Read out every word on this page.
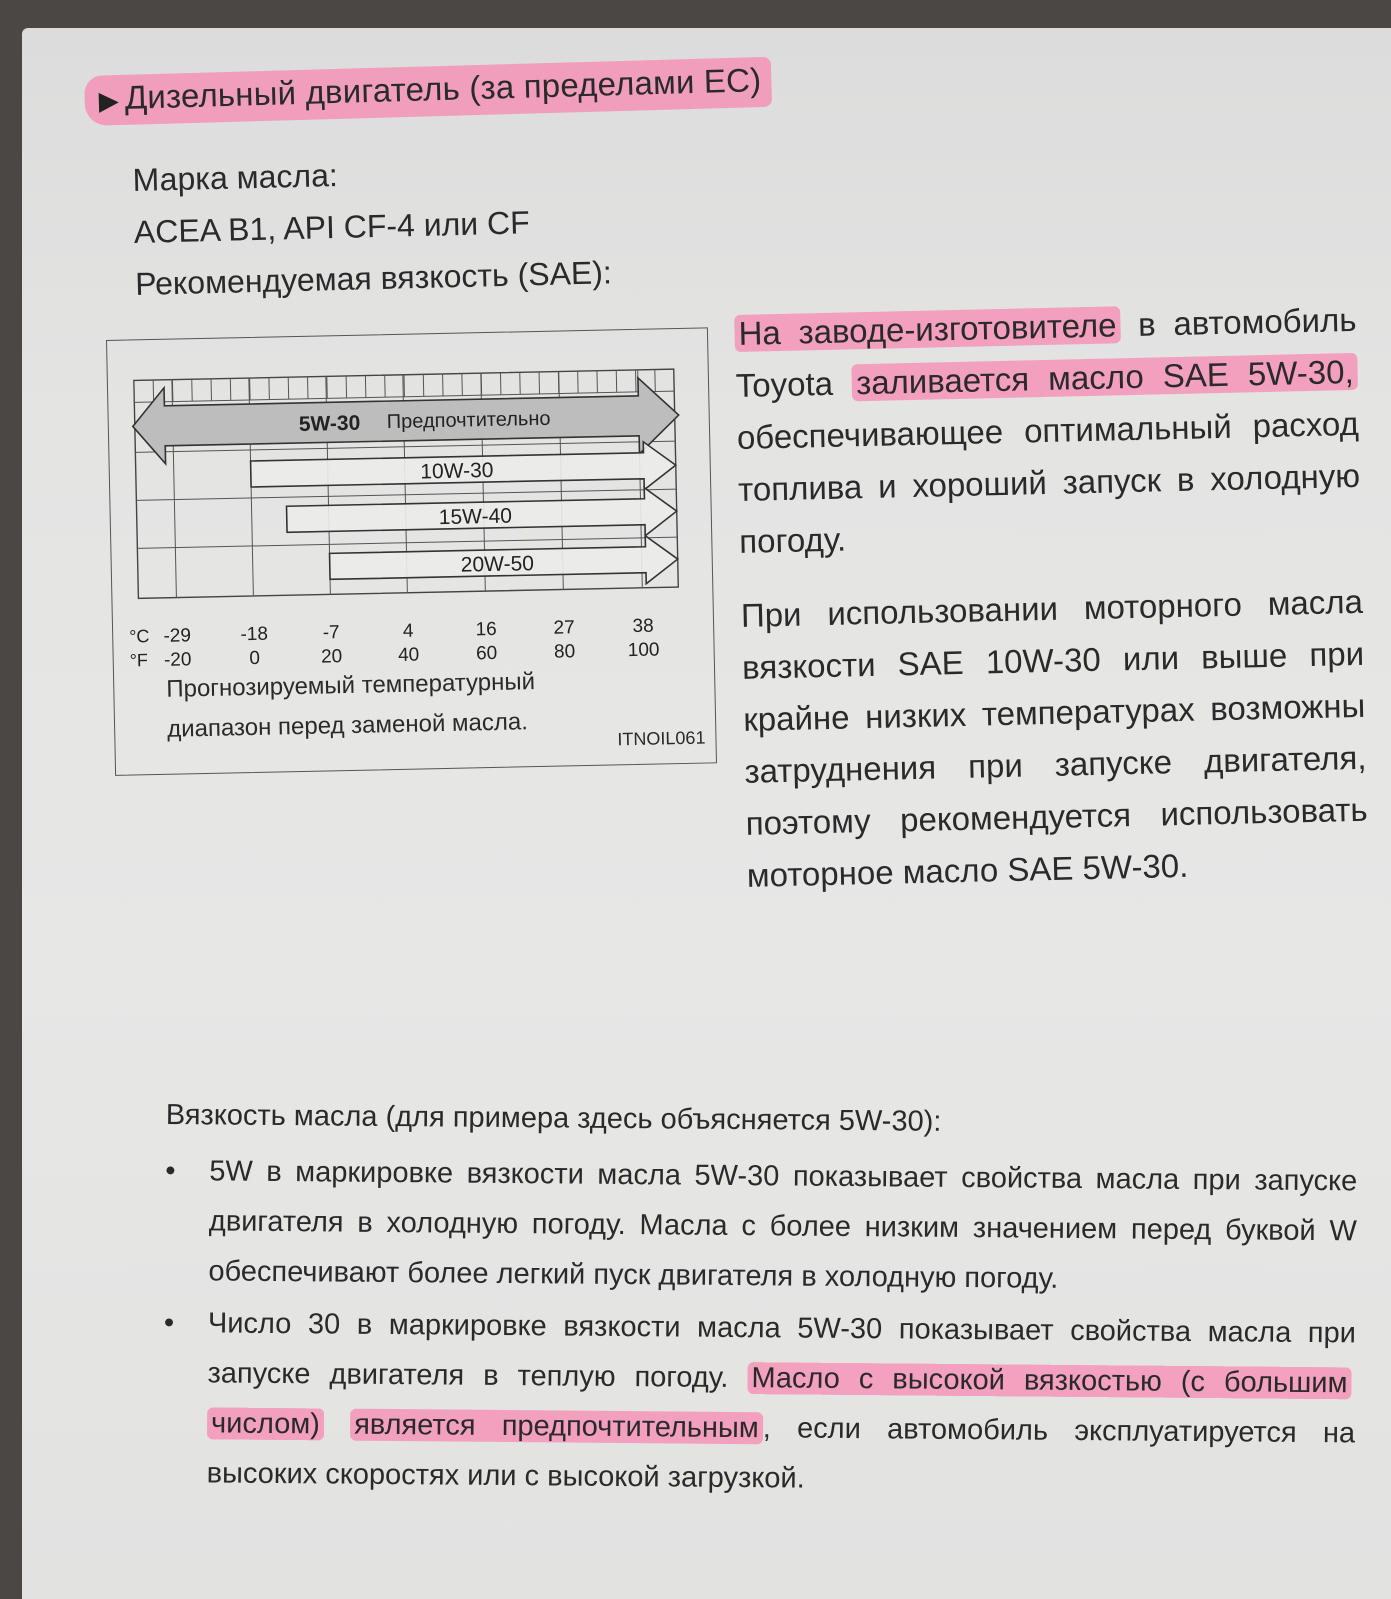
▶ Дизельный двигатель (за пределами ЕС)
Марка масла:
ACEA B1, API CF-4 или CF
Рекомендуемая вязкость (SAE):
5W-30 Предпочтительно
10W-30
15W-40
20W-50
°C
°F
-29	-18	-7	4	16	27	38
-20	0	20	40	60	80	100
Прогнозируемый температурный диапазон перед заменой масла.	ITNOIL061

На заводе-изготовителе в автомобиль Toyota заливается масло SAE 5W-30, обеспечивающее оптимальный расход топлива и хороший запуск в холодную погоду.

При использовании моторного масла вязкости SAE 10W-30 или выше при крайне низких температурах возможны затруднения при запуске двигателя, поэтому рекомендуется использовать моторное масло SAE 5W-30.

Вязкость масла (для примера здесь объясняется 5W-30):
• 5W в маркировке вязкости масла 5W-30 показывает свойства масла при запуске двигателя в холодную погоду. Масла с более низким значением перед буквой W обеспечивают более легкий пуск двигателя в холодную погоду.
• Число 30 в маркировке вязкости масла 5W-30 показывает свойства масла при запуске двигателя в теплую погоду. Масло с высокой вязкостью (с большим числом) является предпочтительным , если автомобиль эксплуатируется на высоких скоростях или с высокой загрузкой.
